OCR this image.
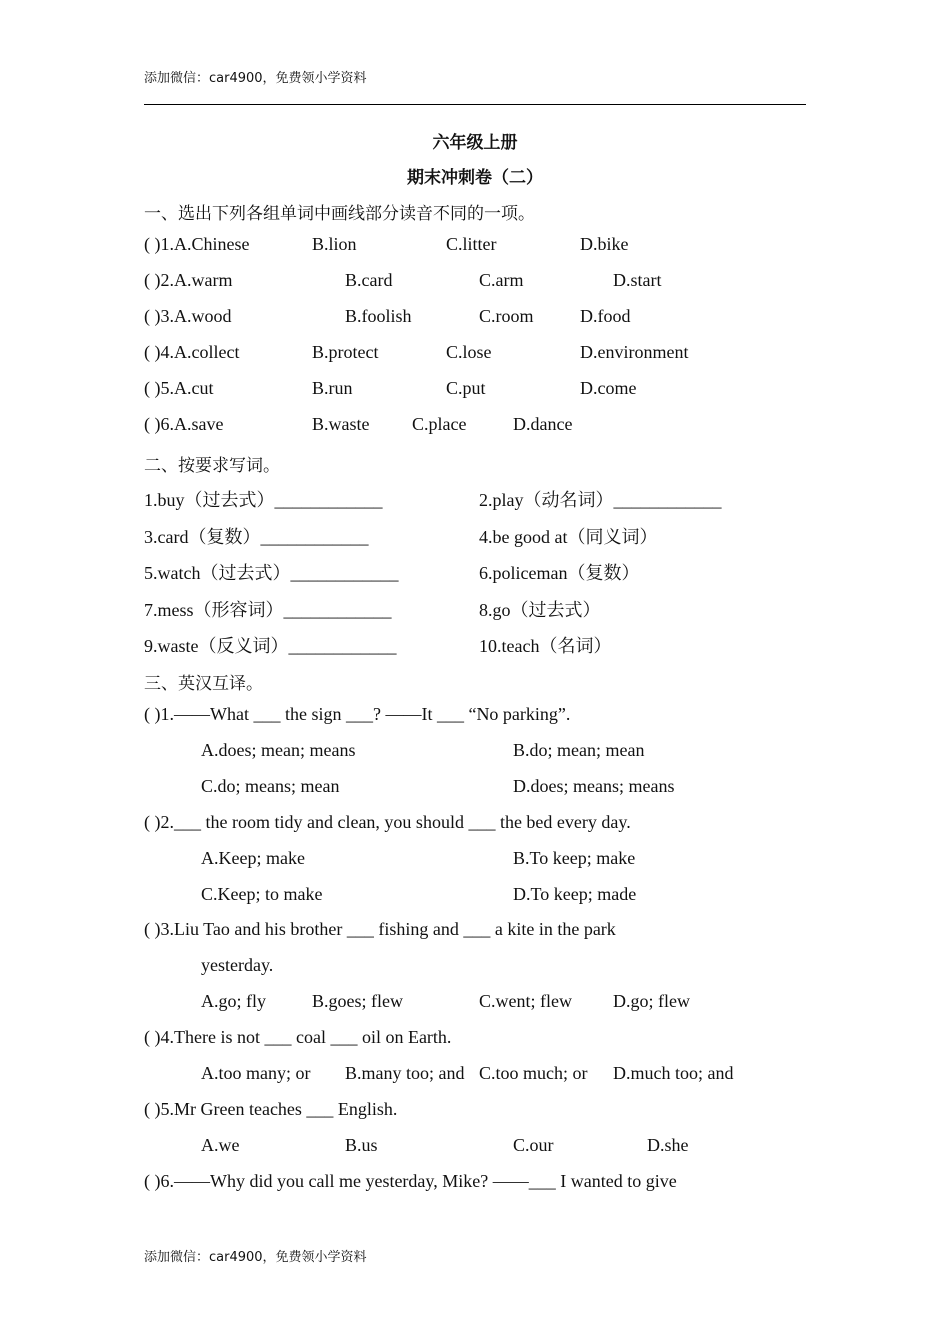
添加微信：car4900，免费领小学资料
六年级上册
期末冲刺卷（二）
一、选出下列各组单词中画线部分读音不同的一项。
( )1.A.Chinese	B.lion	C.litter	D.bike
( )2.A.warm	B.card	C.arm	D.start
( )3.A.wood	B.foolish	C.room	D.food
( )4.A.collect	B.protect	C.lose	D.environment
( )5.A.cut	B.run	C.put	D.come
( )6.A.save	B.waste C.place	D.dance
二、按要求写词。
1.buy（过去式）____________	2.play（动名词）____________
3.card（复数）____________	4.be good at（同义词）
5.watch（过去式）____________	6.policeman（复数）
7.mess（形容词）____________	8.go（过去式）
9.waste（反义词）____________	10.teach（名词）
三、英汉互译。
( )1.——What ___ the sign ___? ——It ___ “No parking”.
A.does; mean; means	B.do; mean; mean
C.do; means; mean	D.does; means; means
( )2.___ the room tidy and clean, you should ___ the bed every day.
A.Keep; make	B.To keep; make
C.Keep; to make	D.To keep; made
( )3.Liu Tao and his brother ___ fishing and ___ a kite in the park
yesterday.
A.go; fly	B.goes; flew	C.went; flew D.go; flew
( )4.There is not ___ coal ___ oil on Earth.
A.too many; or B.many too; and C.too much; or D.much too; and
( )5.Mr Green teaches ___ English.
A.we	B.us	C.our	D.she
( )6.——Why did you call me yesterday, Mike? ——___ I wanted to give
添加微信：car4900，免费领小学资料
